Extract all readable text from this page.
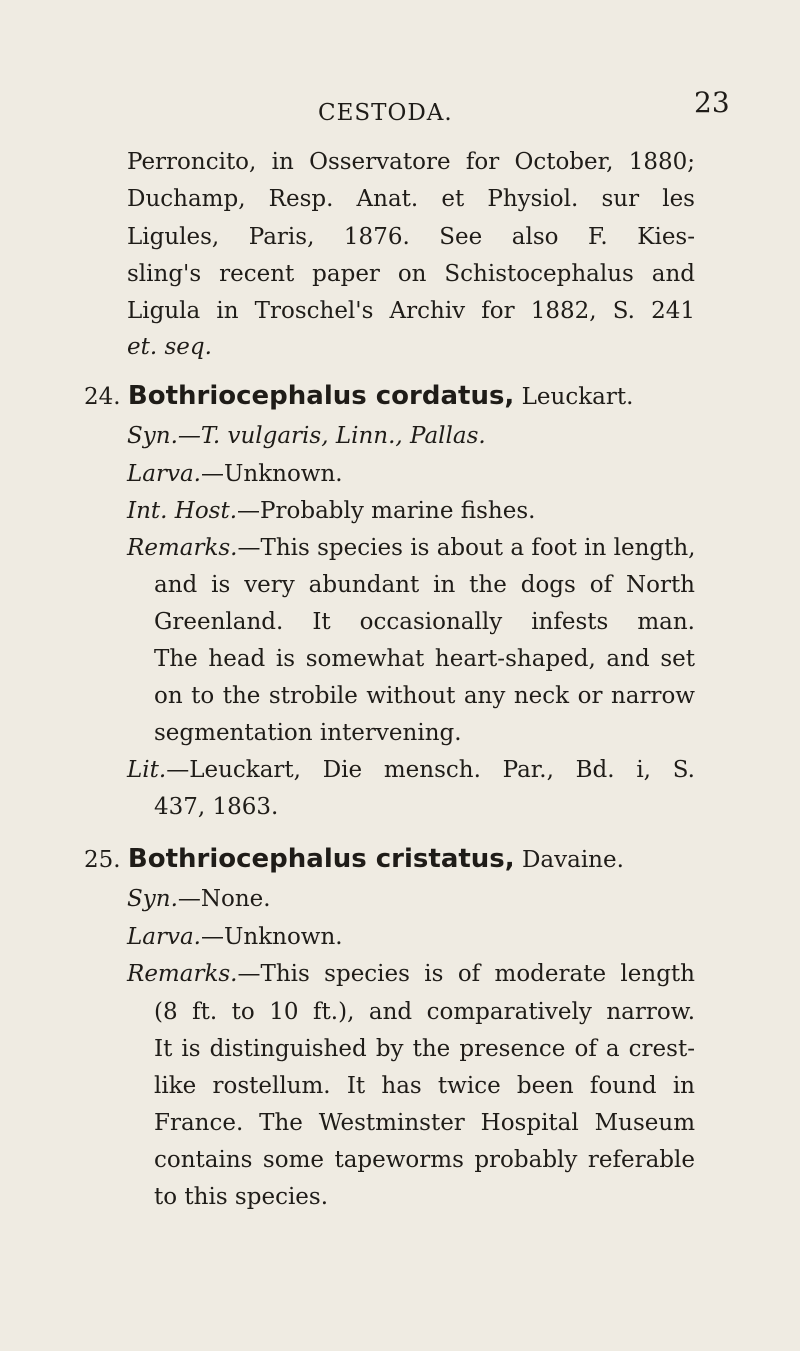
CESTODA.	23
Perroncito, in Osservatore for October, 1880;
Duchamp, Resp. Anat. et Physiol. sur les
Ligules, Paris, 1876. See also F. Kies-
sling's recent paper on Schistocephalus and
Ligula in Troschel's Archiv for 1882, S. 241
et. seq.
24. Bothriocephalus cordatus, Leuckart.
Syn.—T. vulgaris, Linn., Pallas.
Larva.—Unknown.
Int. Host.—Probably marine fishes.
Remarks.—This species is about a foot in length,
and is very abundant in the dogs of North
Greenland. It occasionally infests man.
The head is somewhat heart-shaped, and set
on to the strobile without any neck or narrow
segmentation intervening.
Lit.—Leuckart, Die mensch. Par., Bd. i, S.
437, 1863.
25. Bothriocephalus cristatus, Davaine.
Syn.—None.
Larva.—Unknown.
Remarks.—This species is of moderate length
(8 ft. to 10 ft.), and comparatively narrow.
It is distinguished by the presence of a crest-
like rostellum. It has twice been found in
France. The Westminster Hospital Museum
contains some tapeworms probably referable
to this species.
